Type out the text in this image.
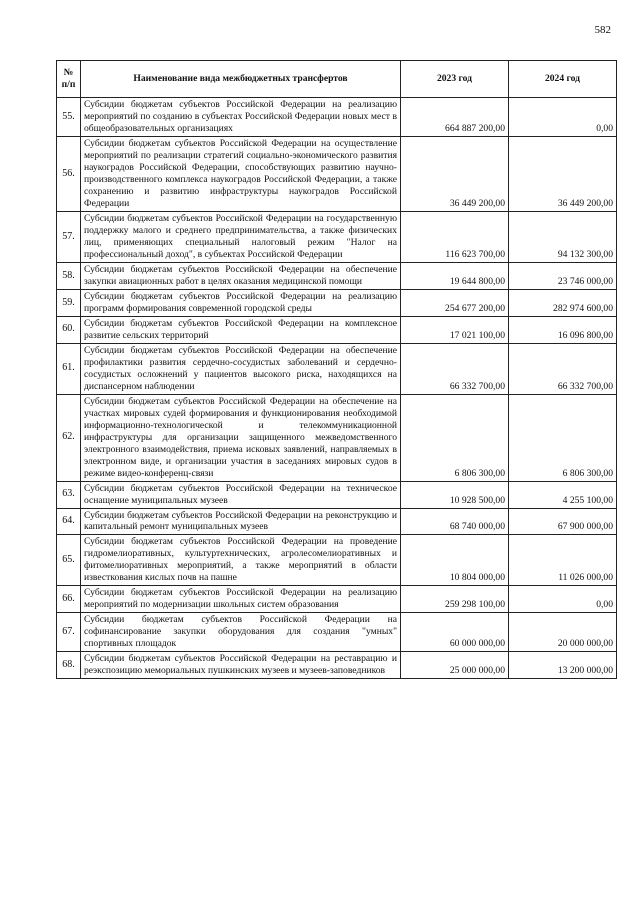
582
№ п/п	Наименование вида межбюджетных трансфертов	2023 год	2024 год
55.	Субсидии бюджетам субъектов Российской Федерации на реализацию мероприятий по созданию в субъектах Российской Федерации новых мест в общеобразовательных организациях	664 887 200,00	0,00
56.	Субсидии бюджетам субъектов Российской Федерации на осуществление мероприятий по реализации стратегий социально-экономического развития наукоградов Российской Федерации, способствующих развитию научно-производственного комплекса наукоградов Российской Федерации, а также сохранению и развитию инфраструктуры наукоградов Российской Федерации	36 449 200,00	36 449 200,00
57.	Субсидии бюджетам субъектов Российской Федерации на государственную поддержку малого и среднего предпринимательства, а также физических лиц, применяющих специальный налоговый режим "Налог на профессиональный доход", в субъектах Российской Федерации	116 623 700,00	94 132 300,00
58.	Субсидии бюджетам субъектов Российской Федерации на обеспечение закупки авиационных работ в целях оказания медицинской помощи	19 644 800,00	23 746 000,00
59.	Субсидии бюджетам субъектов Российской Федерации на реализацию программ формирования современной городской среды	254 677 200,00	282 974 600,00
60.	Субсидии бюджетам субъектов Российской Федерации на комплексное развитие сельских территорий	17 021 100,00	16 096 800,00
61.	Субсидии бюджетам субъектов Российской Федерации на обеспечение профилактики развития сердечно-сосудистых заболеваний и сердечно-сосудистых осложнений у пациентов высокого риска, находящихся на диспансерном наблюдении	66 332 700,00	66 332 700,00
62.	Субсидии бюджетам субъектов Российской Федерации на обеспечение на участках мировых судей формирования и функционирования необходимой информационно-технологической и телекоммуникационной инфраструктуры для организации защищенного межведомственного электронного взаимодействия, приема исковых заявлений, направляемых в электронном виде, и организации участия в заседаниях мировых судов в режиме видео-конференц-связи	6 806 300,00	6 806 300,00
63.	Субсидии бюджетам субъектов Российской Федерации на техническое оснащение муниципальных музеев	10 928 500,00	4 255 100,00
64.	Субсидии бюджетам субъектов Российской Федерации на реконструкцию и капитальный ремонт муниципальных музеев	68 740 000,00	67 900 000,00
65.	Субсидии бюджетам субъектов Российской Федерации на проведение гидромелиоративных, культуртехнических, агролесомелиоративных и фитомелиоративных мероприятий, а также мероприятий в области известкования кислых почв на пашне	10 804 000,00	11 026 000,00
66.	Субсидии бюджетам субъектов Российской Федерации на реализацию мероприятий по модернизации школьных систем образования	259 298 100,00	0,00
67.	Субсидии бюджетам субъектов Российской Федерации на софинансирование закупки оборудования для создания "умных" спортивных площадок	60 000 000,00	20 000 000,00
68.	Субсидии бюджетам субъектов Российской Федерации на реставрацию и реэкспозицию мемориальных пушкинских музеев и музеев-заповедников	25 000 000,00	13 200 000,00
